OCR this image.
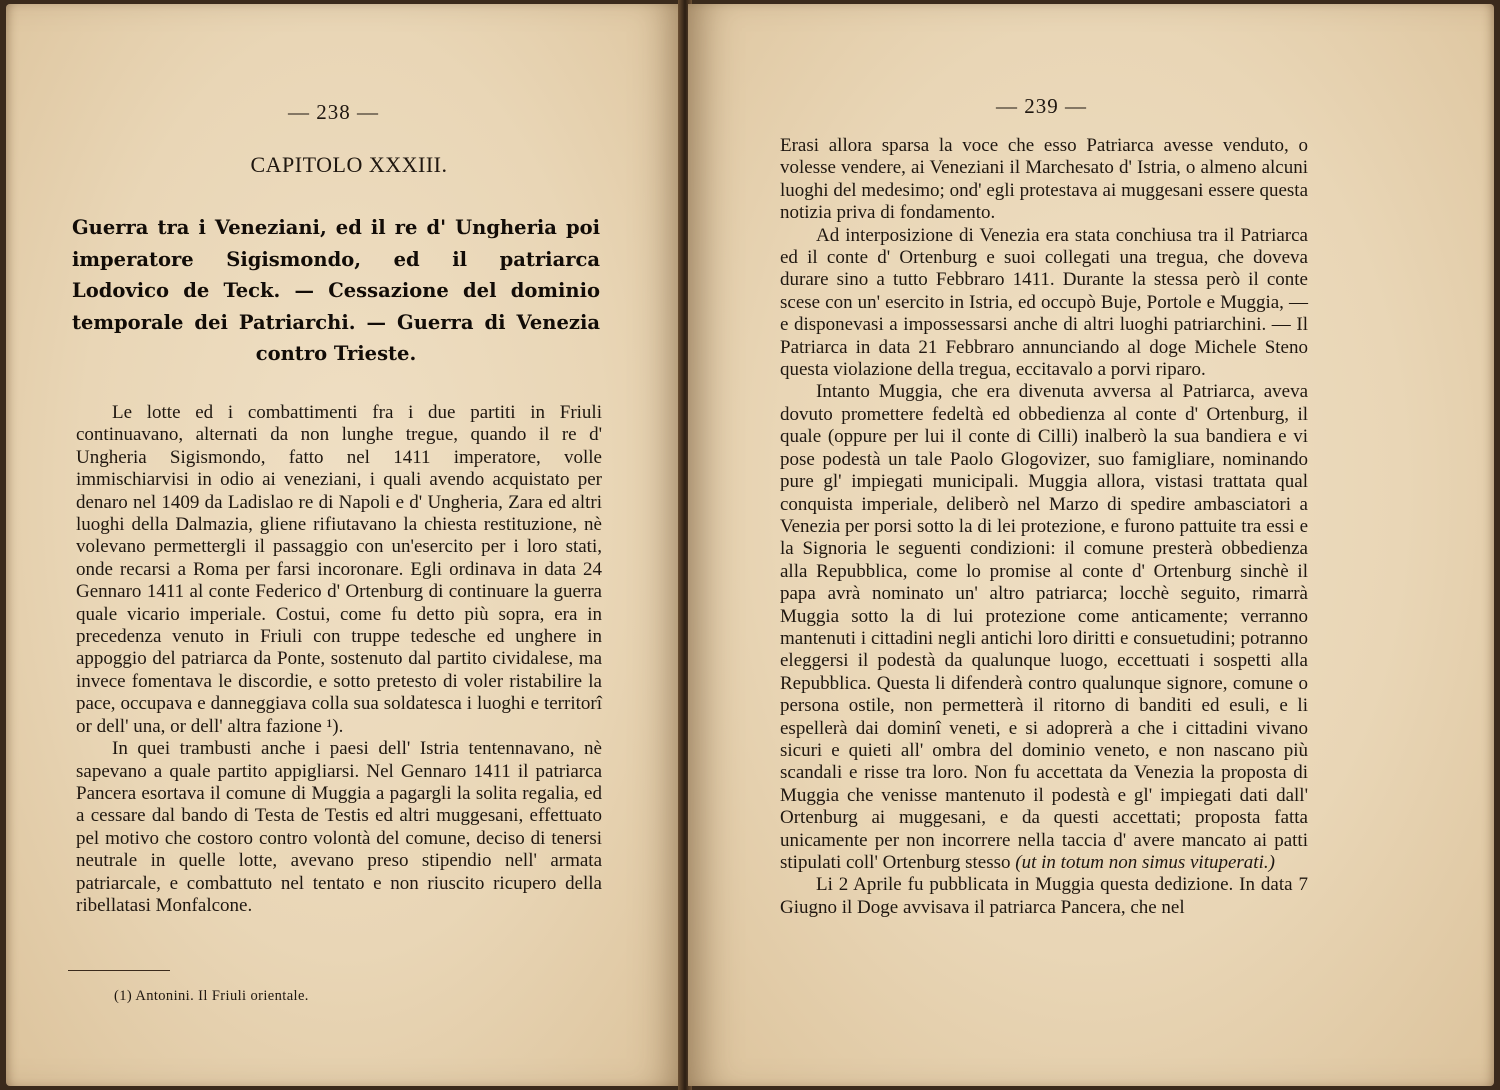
— 238 —
CAPITOLO XXXIII.
Guerra tra i Veneziani, ed il re d' Ungheria poi imperatore Sigismondo, ed il patriarca Lodovico de Teck. — Cessazione del dominio temporale dei Patriarchi. — Guerra di Venezia contro Trieste.

Le lotte ed i combattimenti fra i due partiti in Friuli continuavano, alternati da non lunghe tregue, quando il re d' Ungheria Sigismondo, fatto nel 1411 imperatore, volle immischiarvisi in odio ai veneziani, i quali avendo acquistato per denaro nel 1409 da Ladislao re di Napoli e d' Ungheria, Zara ed altri luoghi della Dalmazia, gliene rifiutavano la chiesta restituzione, nè volevano permettergli il passaggio con un'esercito per i loro stati, onde recarsi a Roma per farsi incoronare. Egli ordinava in data 24 Gennaro 1411 al conte Federico d' Ortenburg di continuare la guerra quale vicario imperiale. Costui, come fu detto più sopra, era in precedenza venuto in Friuli con truppe tedesche ed unghere in appoggio del patriarca da Ponte, sostenuto dal partito cividalese, ma invece fomentava le discordie, e sotto pretesto di voler ristabilire la pace, occupava e danneggiava colla sua soldatesca i luoghi e territorî or dell' una, or dell' altra fazione ¹).

In quei trambusti anche i paesi dell' Istria tentennavano, nè sapevano a quale partito appigliarsi. Nel Gennaro 1411 il patriarca Pancera esortava il comune di Muggia a pagargli la solita regalia, ed a cessare dal bando di Testa de Testis ed altri muggesani, effettuato pel motivo che costoro contro volontà del comune, deciso di tenersi neutrale in quelle lotte, avevano preso stipendio nell' armata patriarcale, e combattuto nel tentato e non riuscito ricupero della ribellatasi Monfalcone.

(1) Antonini. Il Friuli orientale.
— 239 —

Erasi allora sparsa la voce che esso Patriarca avesse venduto, o volesse vendere, ai Veneziani il Marchesato d' Istria, o almeno alcuni luoghi del medesimo; ond' egli protestava ai muggesani essere questa notizia priva di fondamento.

Ad interposizione di Venezia era stata conchiusa tra il Patriarca ed il conte d' Ortenburg e suoi collegati una tregua, che doveva durare sino a tutto Febbraro 1411. Durante la stessa però il conte scese con un' esercito in Istria, ed occupò Buje, Portole e Muggia, — e disponevasi a impossessarsi anche di altri luoghi patriarchini. — Il Patriarca in data 21 Febbraro annunciando al doge Michele Steno questa violazione della tregua, eccitavalo a porvi riparo.

Intanto Muggia, che era divenuta avversa al Patriarca, aveva dovuto promettere fedeltà ed obbedienza al conte d' Ortenburg, il quale (oppure per lui il conte di Cilli) inalberò la sua bandiera e vi pose podestà un tale Paolo Glogovizer, suo famigliare, nominando pure gl' impiegati municipali. Muggia allora, vistasi trattata qual conquista imperiale, deliberò nel Marzo di spedire ambasciatori a Venezia per porsi sotto la di lei protezione, e furono pattuite tra essi e la Signoria le seguenti condizioni: il comune presterà obbedienza alla Repubblica, come lo promise al conte d' Ortenburg sinchè il papa avrà nominato un' altro patriarca; locchè seguito, rimarrà Muggia sotto la di lui protezione come anticamente; verranno mantenuti i cittadini negli antichi loro diritti e consuetudini; potranno eleggersi il podestà da qualunque luogo, eccettuati i sospetti alla Repubblica. Questa li difenderà contro qualunque signore, comune o persona ostile, non permetterà il ritorno di banditi ed esuli, e li espellerà dai dominî veneti, e si adoprerà a che i cittadini vivano sicuri e quieti all' ombra del dominio veneto, e non nascano più scandali e risse tra loro. Non fu accettata da Venezia la proposta di Muggia che venisse mantenuto il podestà e gl' impiegati dati dall' Ortenburg ai muggesani, e da questi accettati; proposta fatta unicamente per non incorrere nella taccia d' avere mancato ai patti stipulati coll' Ortenburg stesso (ut in totum non simus vituperati.)

Li 2 Aprile fu pubblicata in Muggia questa dedizione. In data 7 Giugno il Doge avvisava il patriarca Pancera, che nel
